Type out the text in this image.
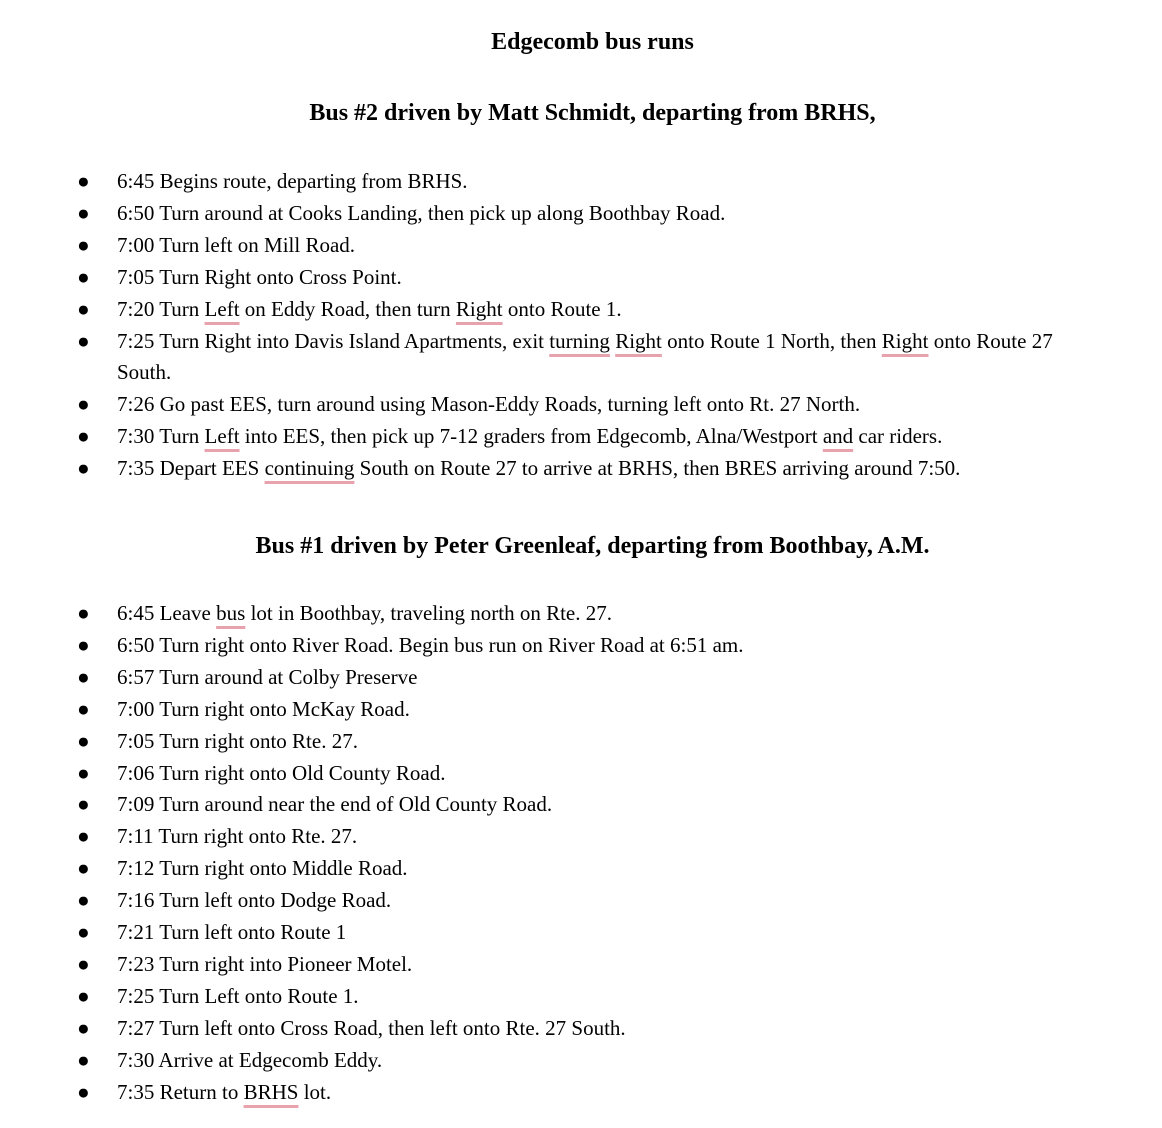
Edgecomb bus runs
Bus #2 driven by Matt Schmidt, departing from BRHS,
● 6:45 Begins route, departing from BRHS.
● 6:50 Turn around at Cooks Landing, then pick up along Boothbay Road.
● 7:00 Turn left on Mill Road.
● 7:05 Turn Right onto Cross Point.
● 7:20 Turn Left on Eddy Road, then turn Right onto Route 1.
● 7:25 Turn Right into Davis Island Apartments, exit turning Right onto Route 1 North, then Right onto Route 27 South.
● 7:26 Go past EES, turn around using Mason-Eddy Roads, turning left onto Rt. 27 North.
● 7:30 Turn Left into EES, then pick up 7-12 graders from Edgecomb, Alna/Westport and car riders.
● 7:35 Depart EES continuing South on Route 27 to arrive at BRHS, then BRES arriving around 7:50.
Bus #1 driven by Peter Greenleaf, departing from Boothbay, A.M.
● 6:45 Leave bus lot in Boothbay, traveling north on Rte. 27.
● 6:50 Turn right onto River Road. Begin bus run on River Road at 6:51 am.
● 6:57 Turn around at Colby Preserve
● 7:00 Turn right onto McKay Road.
● 7:05 Turn right onto Rte. 27.
● 7:06 Turn right onto Old County Road.
● 7:09 Turn around near the end of Old County Road.
● 7:11 Turn right onto Rte. 27.
● 7:12 Turn right onto Middle Road.
● 7:16 Turn left onto Dodge Road.
● 7:21 Turn left onto Route 1
● 7:23 Turn right into Pioneer Motel.
● 7:25 Turn Left onto Route 1.
● 7:27 Turn left onto Cross Road, then left onto Rte. 27 South.
● 7:30 Arrive at Edgecomb Eddy.
● 7:35 Return to BRHS lot.
